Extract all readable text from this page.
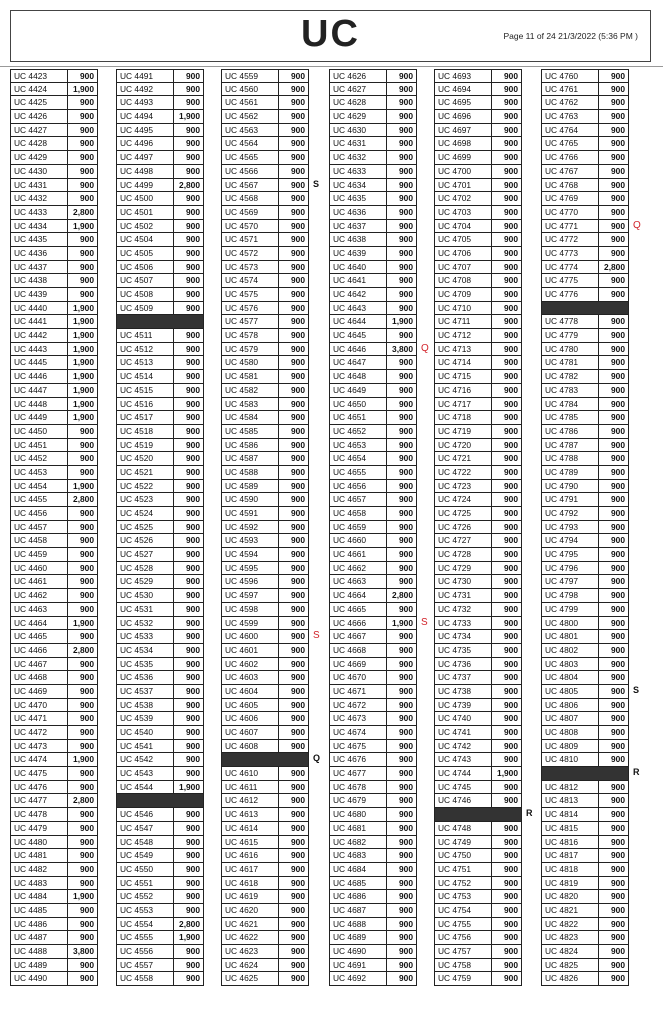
UC	Page 11 of 24 21/3/2022 (5:36 PM )
UC 4423	900
UC 4424	1,900
UC 4425	900
UC 4426	900
UC 4427	900
UC 4428	900
UC 4429	900
UC 4430	900
UC 4431	900
UC 4432	900
UC 4433	2,800
UC 4434	1,900
UC 4435	900
UC 4436	900
UC 4437	900
UC 4438	900
UC 4439	900
UC 4440	1,900
UC 4441	1,900
UC 4442	1,900
UC 4443	1,900
UC 4445	1,900
UC 4446	1,900
UC 4447	1,900
UC 4448	1,900
UC 4449	1,900
UC 4450	900
UC 4451	900
UC 4452	900
UC 4453	900
UC 4454	1,900
UC 4455	2,800
UC 4456	900
UC 4457	900
UC 4458	900
UC 4459	900
UC 4460	900
UC 4461	900
UC 4462	900
UC 4463	900
UC 4464	1,900
UC 4465	900
UC 4466	2,800
UC 4467	900
UC 4468	900
UC 4469	900
UC 4470	900
UC 4471	900
UC 4472	900
UC 4473	900
UC 4474	1,900
UC 4475	900
UC 4476	900
UC 4477	2,800
UC 4478	900
UC 4479	900
UC 4480	900
UC 4481	900
UC 4482	900
UC 4483	900
UC 4484	1,900
UC 4485	900
UC 4486	900
UC 4487	900
UC 4488	3,800
UC 4489	900
UC 4490	900
UC 4491	900
UC 4492	900
UC 4493	900
UC 4494	1,900
UC 4495	900
UC 4496	900
UC 4497	900
UC 4498	900
UC 4499	2,800
UC 4500	900
UC 4501	900
UC 4502	900
UC 4504	900
UC 4505	900
UC 4506	900
UC 4507	900
UC 4508	900
UC 4509	900
UC 4511	900
UC 4512	900
UC 4513	900
UC 4514	900
UC 4515	900
UC 4516	900
UC 4517	900
UC 4518	900
UC 4519	900
UC 4520	900
UC 4521	900
UC 4522	900
UC 4523	900
UC 4524	900
UC 4525	900
UC 4526	900
UC 4527	900
UC 4528	900
UC 4529	900
UC 4530	900
UC 4531	900
UC 4532	900
UC 4533	900
UC 4534	900
UC 4535	900
UC 4536	900
UC 4537	900
UC 4538	900
UC 4539	900
UC 4540	900
UC 4541	900
UC 4542	900
UC 4543	900
UC 4544	1,900
UC 4546	900
UC 4547	900
UC 4548	900
UC 4549	900
UC 4550	900
UC 4551	900
UC 4552	900
UC 4553	900
UC 4554	2,800
UC 4555	1,900
UC 4556	900
UC 4557	900
UC 4558	900
UC 4559	900
UC 4560	900
UC 4561	900
UC 4562	900
UC 4563	900
UC 4564	900
UC 4565	900
UC 4566	900
UC 4567	900 S
UC 4568	900
UC 4569	900
UC 4570	900
UC 4571	900
UC 4572	900
UC 4573	900
UC 4574	900
UC 4575	900
UC 4576	900
UC 4577	900
UC 4578	900
UC 4579	900
UC 4580	900
UC 4581	900
UC 4582	900
UC 4583	900
UC 4584	900
UC 4585	900
UC 4586	900
UC 4587	900
UC 4588	900
UC 4589	900
UC 4590	900
UC 4591	900
UC 4592	900
UC 4593	900
UC 4594	900
UC 4595	900
UC 4596	900
UC 4597	900
UC 4598	900
UC 4599	900
UC 4600	900 S
UC 4601	900
UC 4602	900
UC 4603	900
UC 4604	900
UC 4605	900
UC 4606	900
UC 4607	900
UC 4608	900
Q
UC 4610	900
UC 4611	900
UC 4612	900
UC 4613	900
UC 4614	900
UC 4615	900
UC 4616	900
UC 4617	900
UC 4618	900
UC 4619	900
UC 4620	900
UC 4621	900
UC 4622	900
UC 4623	900
UC 4624	900
UC 4625	900
UC 4626	900
UC 4627	900
UC 4628	900
UC 4629	900
UC 4630	900
UC 4631	900
UC 4632	900
UC 4633	900
UC 4634	900
UC 4635	900
UC 4636	900
UC 4637	900
UC 4638	900
UC 4639	900
UC 4640	900
UC 4641	900
UC 4642	900
UC 4643	900
UC 4644	1,900
UC 4645	900
UC 4646	3,800 Q
UC 4647	900
UC 4648	900
UC 4649	900
UC 4650	900
UC 4651	900
UC 4652	900
UC 4653	900
UC 4654	900
UC 4655	900
UC 4656	900
UC 4657	900
UC 4658	900
UC 4659	900
UC 4660	900
UC 4661	900
UC 4662	900
UC 4663	900
UC 4664	2,800
UC 4665	900
UC 4666	1,900 S
UC 4667	900
UC 4668	900
UC 4669	900
UC 4670	900
UC 4671	900
UC 4672	900
UC 4673	900
UC 4674	900
UC 4675	900
UC 4676	900
UC 4677	900
UC 4678	900
UC 4679	900
UC 4680	900
UC 4681	900
UC 4682	900
UC 4683	900
UC 4684	900
UC 4685	900
UC 4686	900
UC 4687	900
UC 4688	900
UC 4689	900
UC 4690	900
UC 4691	900
UC 4692	900
UC 4693	900
UC 4694	900
UC 4695	900
UC 4696	900
UC 4697	900
UC 4698	900
UC 4699	900
UC 4700	900
UC 4701	900
UC 4702	900
UC 4703	900
UC 4704	900
UC 4705	900
UC 4706	900
UC 4707	900
UC 4708	900
UC 4709	900
UC 4710	900
UC 4711	900
UC 4712	900
UC 4713	900
UC 4714	900
UC 4715	900
UC 4716	900
UC 4717	900
UC 4718	900
UC 4719	900
UC 4720	900
UC 4721	900
UC 4722	900
UC 4723	900
UC 4724	900
UC 4725	900
UC 4726	900
UC 4727	900
UC 4728	900
UC 4729	900
UC 4730	900
UC 4731	900
UC 4732	900
UC 4733	900
UC 4734	900
UC 4735	900
UC 4736	900
UC 4737	900
UC 4738	900
UC 4739	900
UC 4740	900
UC 4741	900
UC 4742	900
UC 4743	900
UC 4744	1,900
UC 4745	900
UC 4746	900
R
UC 4748	900
UC 4749	900
UC 4750	900
UC 4751	900
UC 4752	900
UC 4753	900
UC 4754	900
UC 4755	900
UC 4756	900
UC 4757	900
UC 4758	900
UC 4759	900
UC 4760	900
UC 4761	900
UC 4762	900
UC 4763	900
UC 4764	900
UC 4765	900
UC 4766	900
UC 4767	900
UC 4768	900
UC 4769	900
UC 4770	900
UC 4771	900 Q
UC 4772	900
UC 4773	900
UC 4774	2,800
UC 4775	900
UC 4776	900
UC 4778	900
UC 4779	900
UC 4780	900
UC 4781	900
UC 4782	900
UC 4783	900
UC 4784	900
UC 4785	900
UC 4786	900
UC 4787	900
UC 4788	900
UC 4789	900
UC 4790	900
UC 4791	900
UC 4792	900
UC 4793	900
UC 4794	900
UC 4795	900
UC 4796	900
UC 4797	900
UC 4798	900
UC 4799	900
UC 4800	900
UC 4801	900
UC 4802	900
UC 4803	900
UC 4804	900
UC 4805	900 S
UC 4806	900
UC 4807	900
UC 4808	900
UC 4809	900
UC 4810	900
R
UC 4812	900
UC 4813	900
UC 4814	900
UC 4815	900
UC 4816	900
UC 4817	900
UC 4818	900
UC 4819	900
UC 4820	900
UC 4821	900
UC 4822	900
UC 4823	900
UC 4824	900
UC 4825	900
UC 4826	900
